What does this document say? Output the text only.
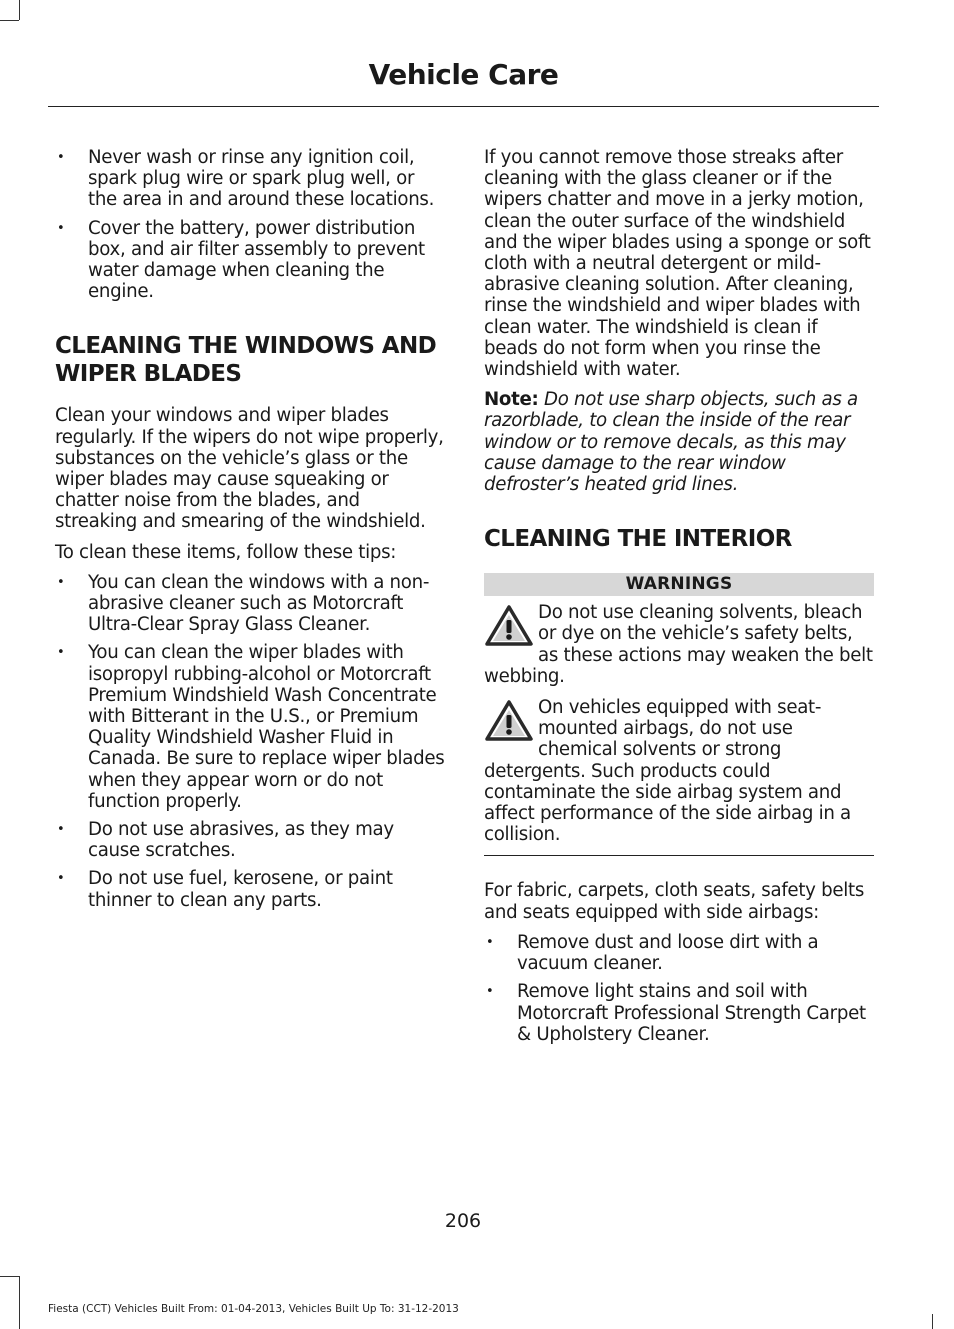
Vehicle Care
• Never wash or rinse any ignition coil, spark plug wire or spark plug well, or the area in and around these locations.
• Cover the battery, power distribution box, and air filter assembly to prevent water damage when cleaning the engine.
CLEANING THE WINDOWS AND WIPER BLADES

Clean your windows and wiper blades regularly. If the wipers do not wipe properly, substances on the vehicle’s glass or the wiper blades may cause squeaking or chatter noise from the blades, and streaking and smearing of the windshield.

To clean these items, follow these tips:

• You can clean the windows with a non-abrasive cleaner such as Motorcraft Ultra-Clear Spray Glass Cleaner.
• You can clean the wiper blades with isopropyl rubbing-alcohol or Motorcraft Premium Windshield Wash Concentrate with Bitterant in the U.S., or Premium Quality Windshield Washer Fluid in Canada. Be sure to replace wiper blades when they appear worn or do not function properly.
• Do not use abrasives, as they may cause scratches.
• Do not use fuel, kerosene, or paint thinner to clean any parts.

If you cannot remove those streaks after cleaning with the glass cleaner or if the wipers chatter and move in a jerky motion, clean the outer surface of the windshield and the wiper blades using a sponge or soft cloth with a neutral detergent or mild-abrasive cleaning solution. After cleaning, rinse the windshield and wiper blades with clean water. The windshield is clean if beads do not form when you rinse the windshield with water.

Note: Do not use sharp objects, such as a razorblade, to clean the inside of the rear window or to remove decals, as this may cause damage to the rear window defroster’s heated grid lines.

CLEANING THE INTERIOR
WARNINGS
Do not use cleaning solvents, bleach or dye on the vehicle’s safety belts, as these actions may weaken the belt webbing.
On vehicles equipped with seat-mounted airbags, do not use chemical solvents or strong detergents. Such products could contaminate the side airbag system and affect performance of the side airbag in a collision.

For fabric, carpets, cloth seats, safety belts and seats equipped with side airbags:

• Remove dust and loose dirt with a vacuum cleaner.
• Remove light stains and soil with Motorcraft Professional Strength Carpet & Upholstery Cleaner.
206
Fiesta (CCT) Vehicles Built From: 01-04-2013, Vehicles Built Up To: 31-12-2013
